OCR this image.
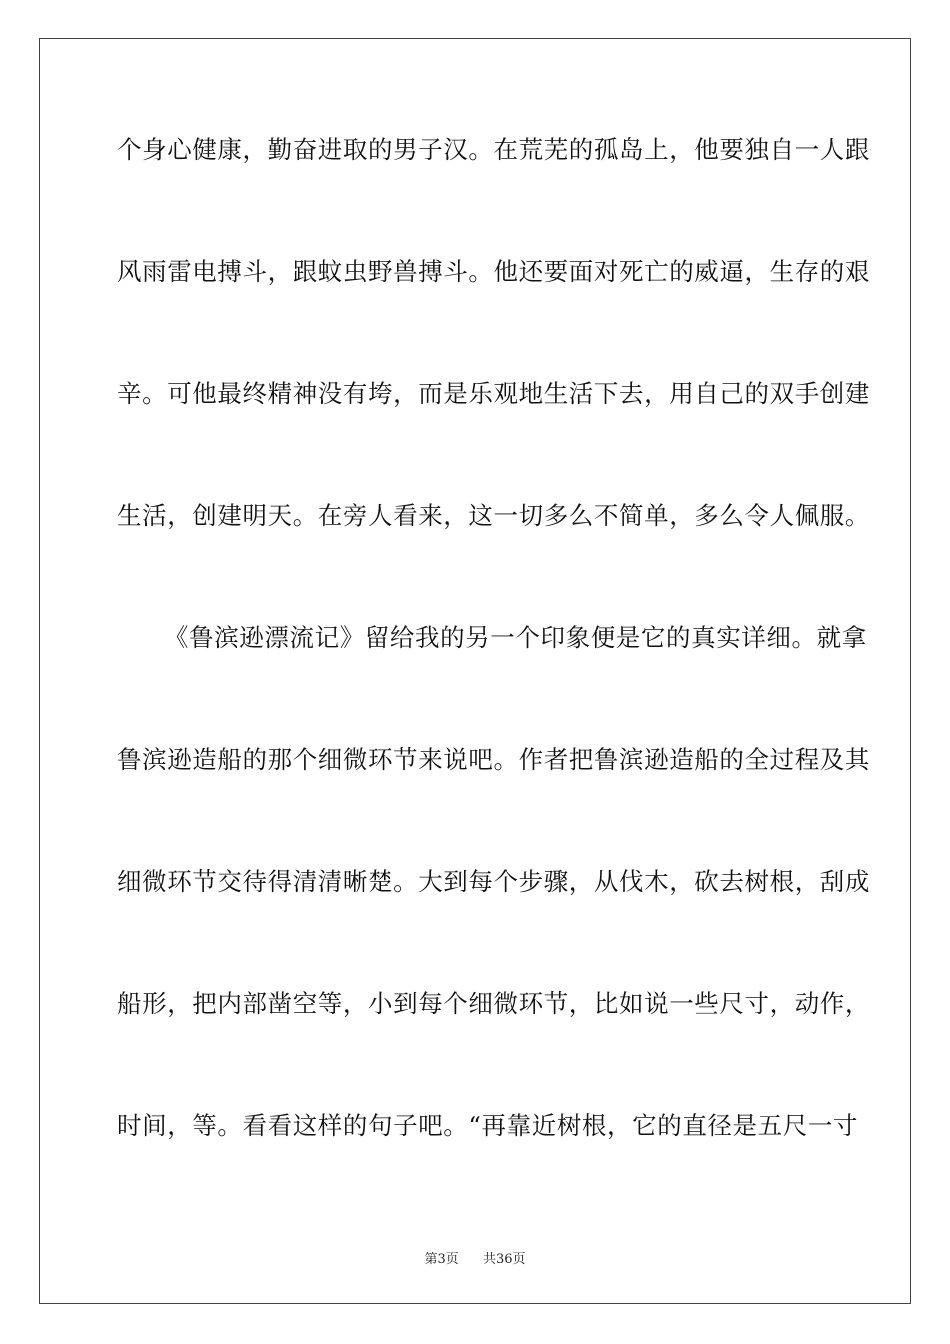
个身心健康，勤奋进取的男子汉。在荒芜的孤岛上，他要独自一人跟
风雨雷电搏斗，跟蚊虫野兽搏斗。他还要面对死亡的威逼，生存的艰
辛。可他最终精神没有垮，而是乐观地生活下去，用自己的双手创建
生活，创建明天。在旁人看来，这一切多么不简单，多么令人佩服。
《鲁滨逊漂流记》留给我的另一个印象便是它的真实详细。就拿
鲁滨逊造船的那个细微环节来说吧。作者把鲁滨逊造船的全过程及其
细微环节交待得清清晰楚。大到每个步骤，从伐木，砍去树根，刮成
船形，把内部凿空等，小到每个细微环节，比如说一些尺寸，动作，
时间，等。看看这样的句子吧。“再靠近树根，它的直径是五尺一寸
第3页 共36页
